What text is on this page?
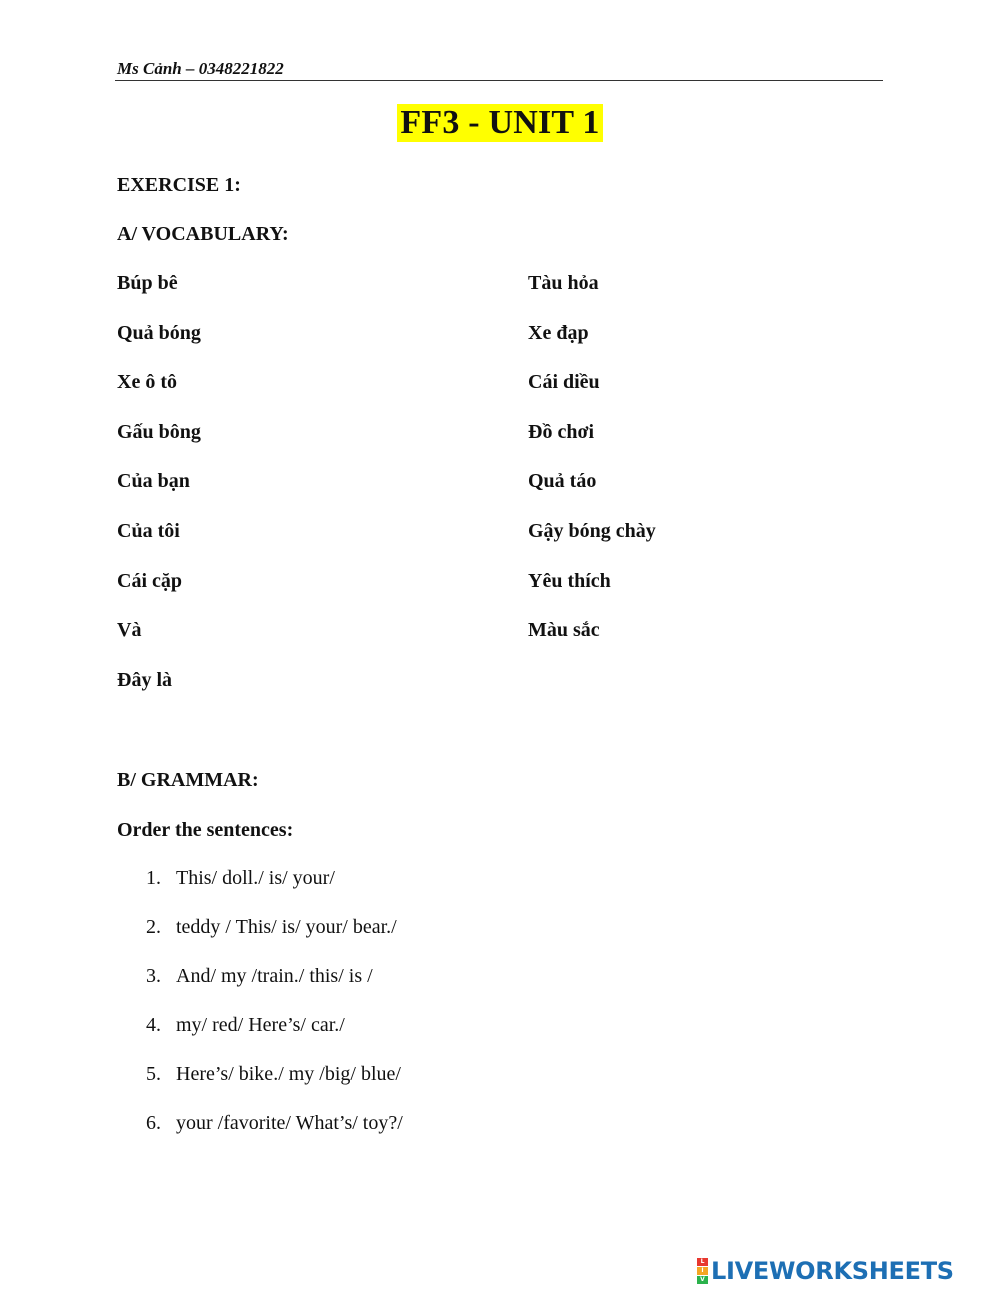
Ms Cảnh – 0348221822
FF3 - UNIT 1
EXERCISE 1:
A/ VOCABULARY:
Búp bê	Tàu hỏa
Quả bóng	Xe đạp
Xe ô tô	Cái diều
Gấu bông	Đồ chơi
Của bạn	Quả táo
Của tôi	Gậy bóng chày
Cái cặp	Yêu thích
Và	Màu sắc
Đây là
B/ GRAMMAR:
Order the sentences:
1. This/ doll./ is/ your/
2. teddy / This/ is/ your/ bear./
3. And/ my /train./ this/ is /
4. my/ red/ Here’s/ car./
5. Here’s/ bike./ my /big/ blue/
6. your /favorite/ What’s/ toy?/
L
I
V LIVEWORKSHEETS
